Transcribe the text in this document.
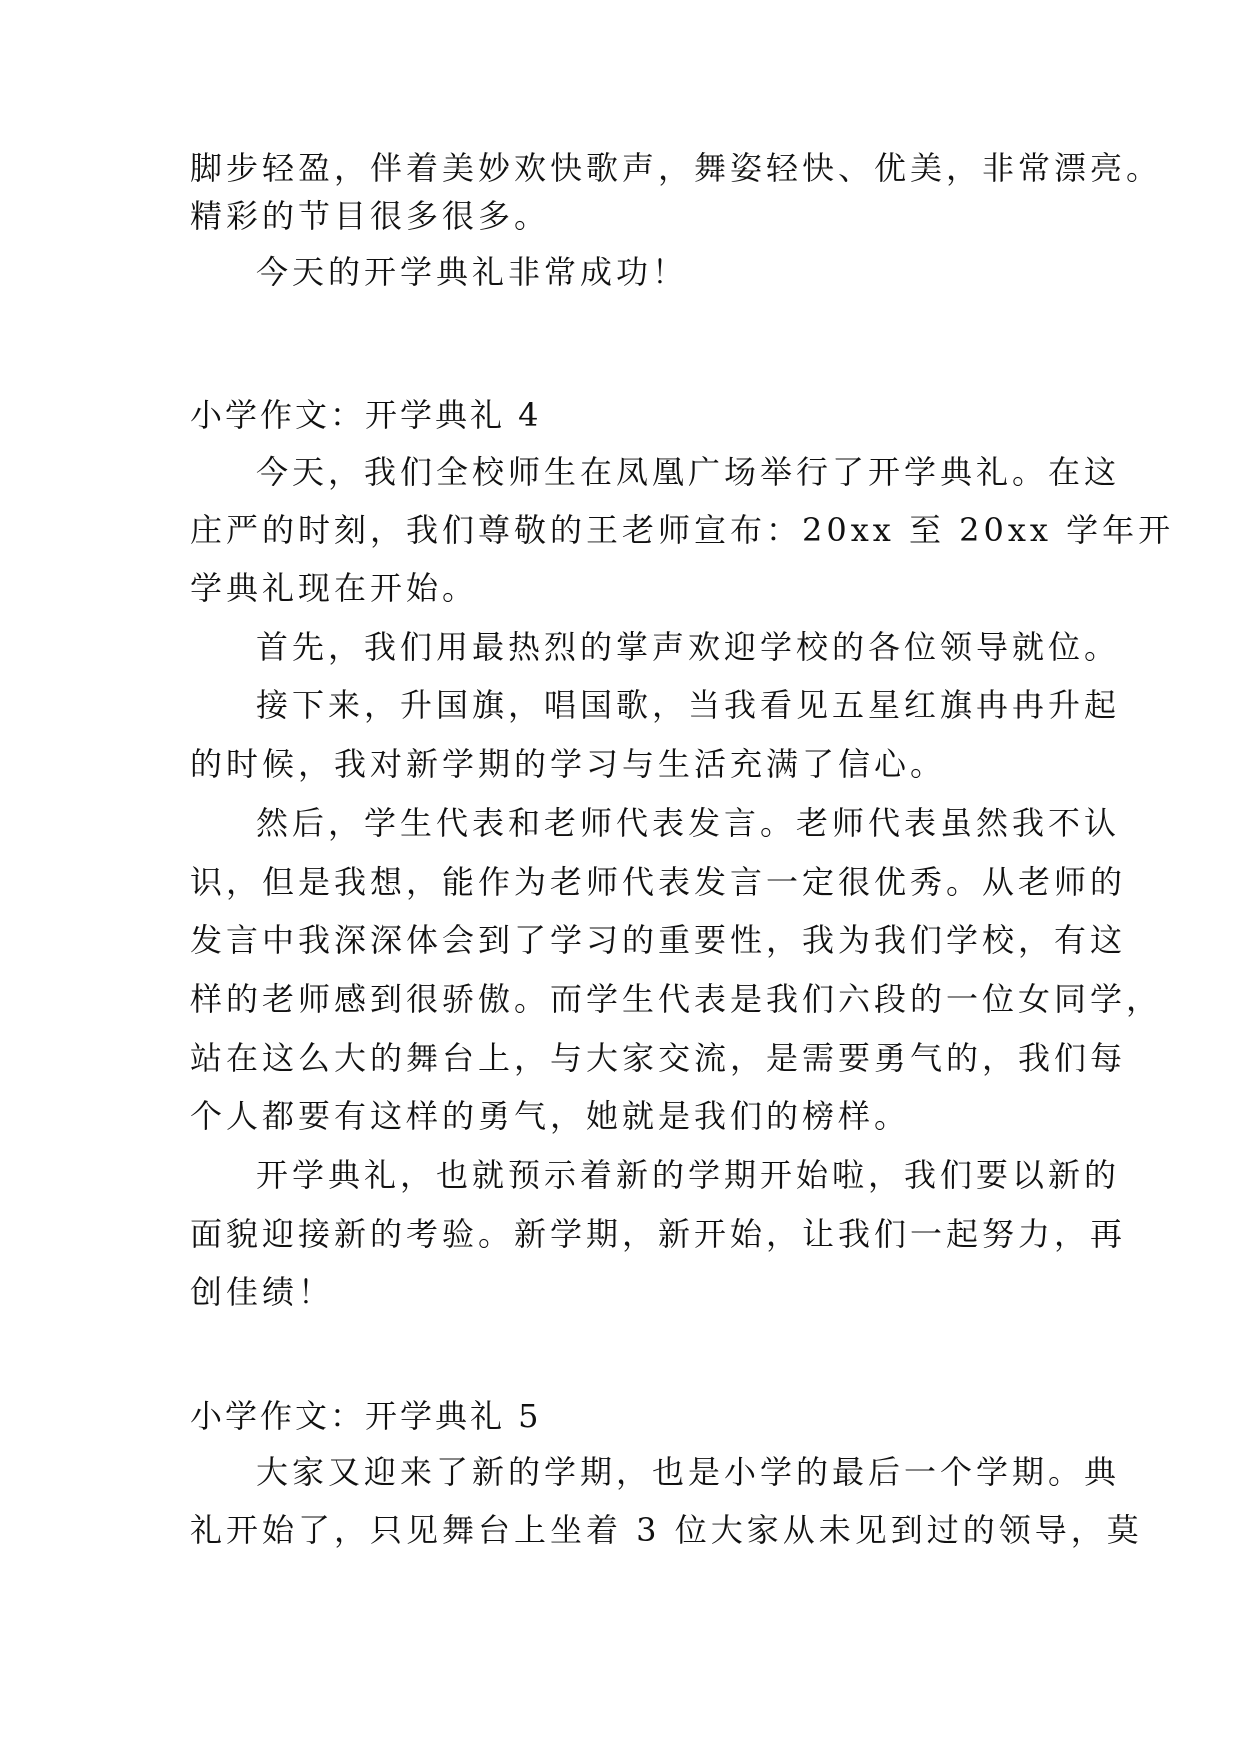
脚步轻盈，伴着美妙欢快歌声，舞姿轻快、优美，非常漂亮。
精彩的节目很多很多。
今天的开学典礼非常成功！
小学作文：开学典礼 4
今天，我们全校师生在凤凰广场举行了开学典礼。在这
庄严的时刻，我们尊敬的王老师宣布：20xx 至 20xx 学年开
学典礼现在开始。
首先，我们用最热烈的掌声欢迎学校的各位领导就位。
接下来，升国旗，唱国歌，当我看见五星红旗冉冉升起
的时候，我对新学期的学习与生活充满了信心。
然后，学生代表和老师代表发言。老师代表虽然我不认
识，但是我想，能作为老师代表发言一定很优秀。从老师的
发言中我深深体会到了学习的重要性，我为我们学校，有这
样的老师感到很骄傲。而学生代表是我们六段的一位女同学，
站在这么大的舞台上，与大家交流，是需要勇气的，我们每
个人都要有这样的勇气，她就是我们的榜样。
开学典礼，也就预示着新的学期开始啦，我们要以新的
面貌迎接新的考验。新学期，新开始，让我们一起努力，再
创佳绩！
小学作文：开学典礼 5
大家又迎来了新的学期，也是小学的最后一个学期。典
礼开始了，只见舞台上坐着 3 位大家从未见到过的领导，莫
